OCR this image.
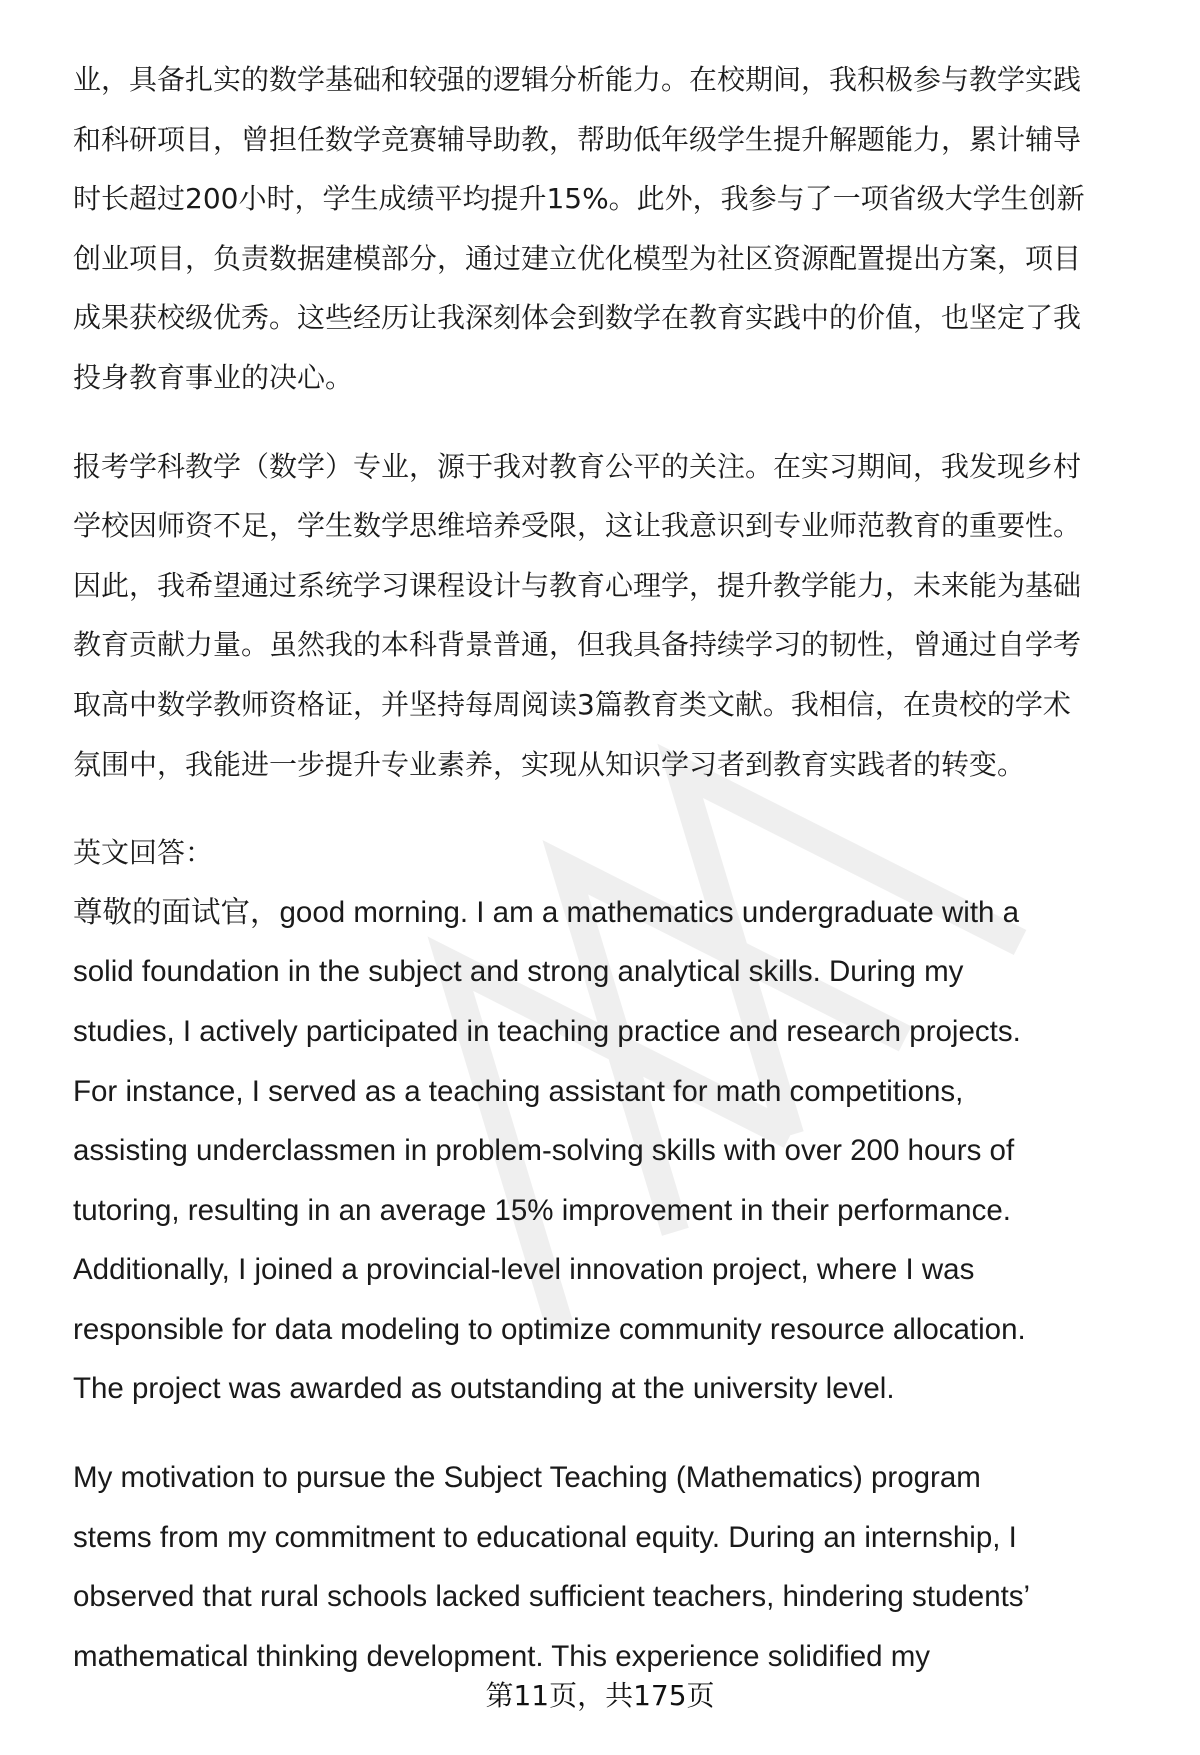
业，具备扎实的数学基础和较强的逻辑分析能力。在校期间，我积极参与教学实践
和科研项目，曾担任数学竞赛辅导助教，帮助低年级学生提升解题能力，累计辅导
时长超过200小时，学生成绩平均提升15%。此外，我参与了一项省级大学生创新
创业项目，负责数据建模部分，通过建立优化模型为社区资源配置提出方案，项目
成果获校级优秀。这些经历让我深刻体会到数学在教育实践中的价值，也坚定了我
投身教育事业的决心。
报考学科教学（数学）专业，源于我对教育公平的关注。在实习期间，我发现乡村
学校因师资不足，学生数学思维培养受限，这让我意识到专业师范教育的重要性。
因此，我希望通过系统学习课程设计与教育心理学，提升教学能力，未来能为基础
教育贡献力量。虽然我的本科背景普通，但我具备持续学习的韧性，曾通过自学考
取高中数学教师资格证，并坚持每周阅读3篇教育类文献。我相信，在贵校的学术
氛围中，我能进一步提升专业素养，实现从知识学习者到教育实践者的转变。
英文回答：
尊敬的面试官，good morning. I am a mathematics undergraduate with a
solid foundation in the subject and strong analytical skills. During my
studies, I actively participated in teaching practice and research projects.
For instance, I served as a teaching assistant for math competitions,
assisting underclassmen in problem-solving skills with over 200 hours of
tutoring, resulting in an average 15% improvement in their performance.
Additionally, I joined a provincial-level innovation project, where I was
responsible for data modeling to optimize community resource allocation.
The project was awarded as outstanding at the university level.
My motivation to pursue the Subject Teaching (Mathematics) program
stems from my commitment to educational equity. During an internship, I
observed that rural schools lacked sufficient teachers, hindering students’
mathematical thinking development. This experience solidified my
第11页，共175页
